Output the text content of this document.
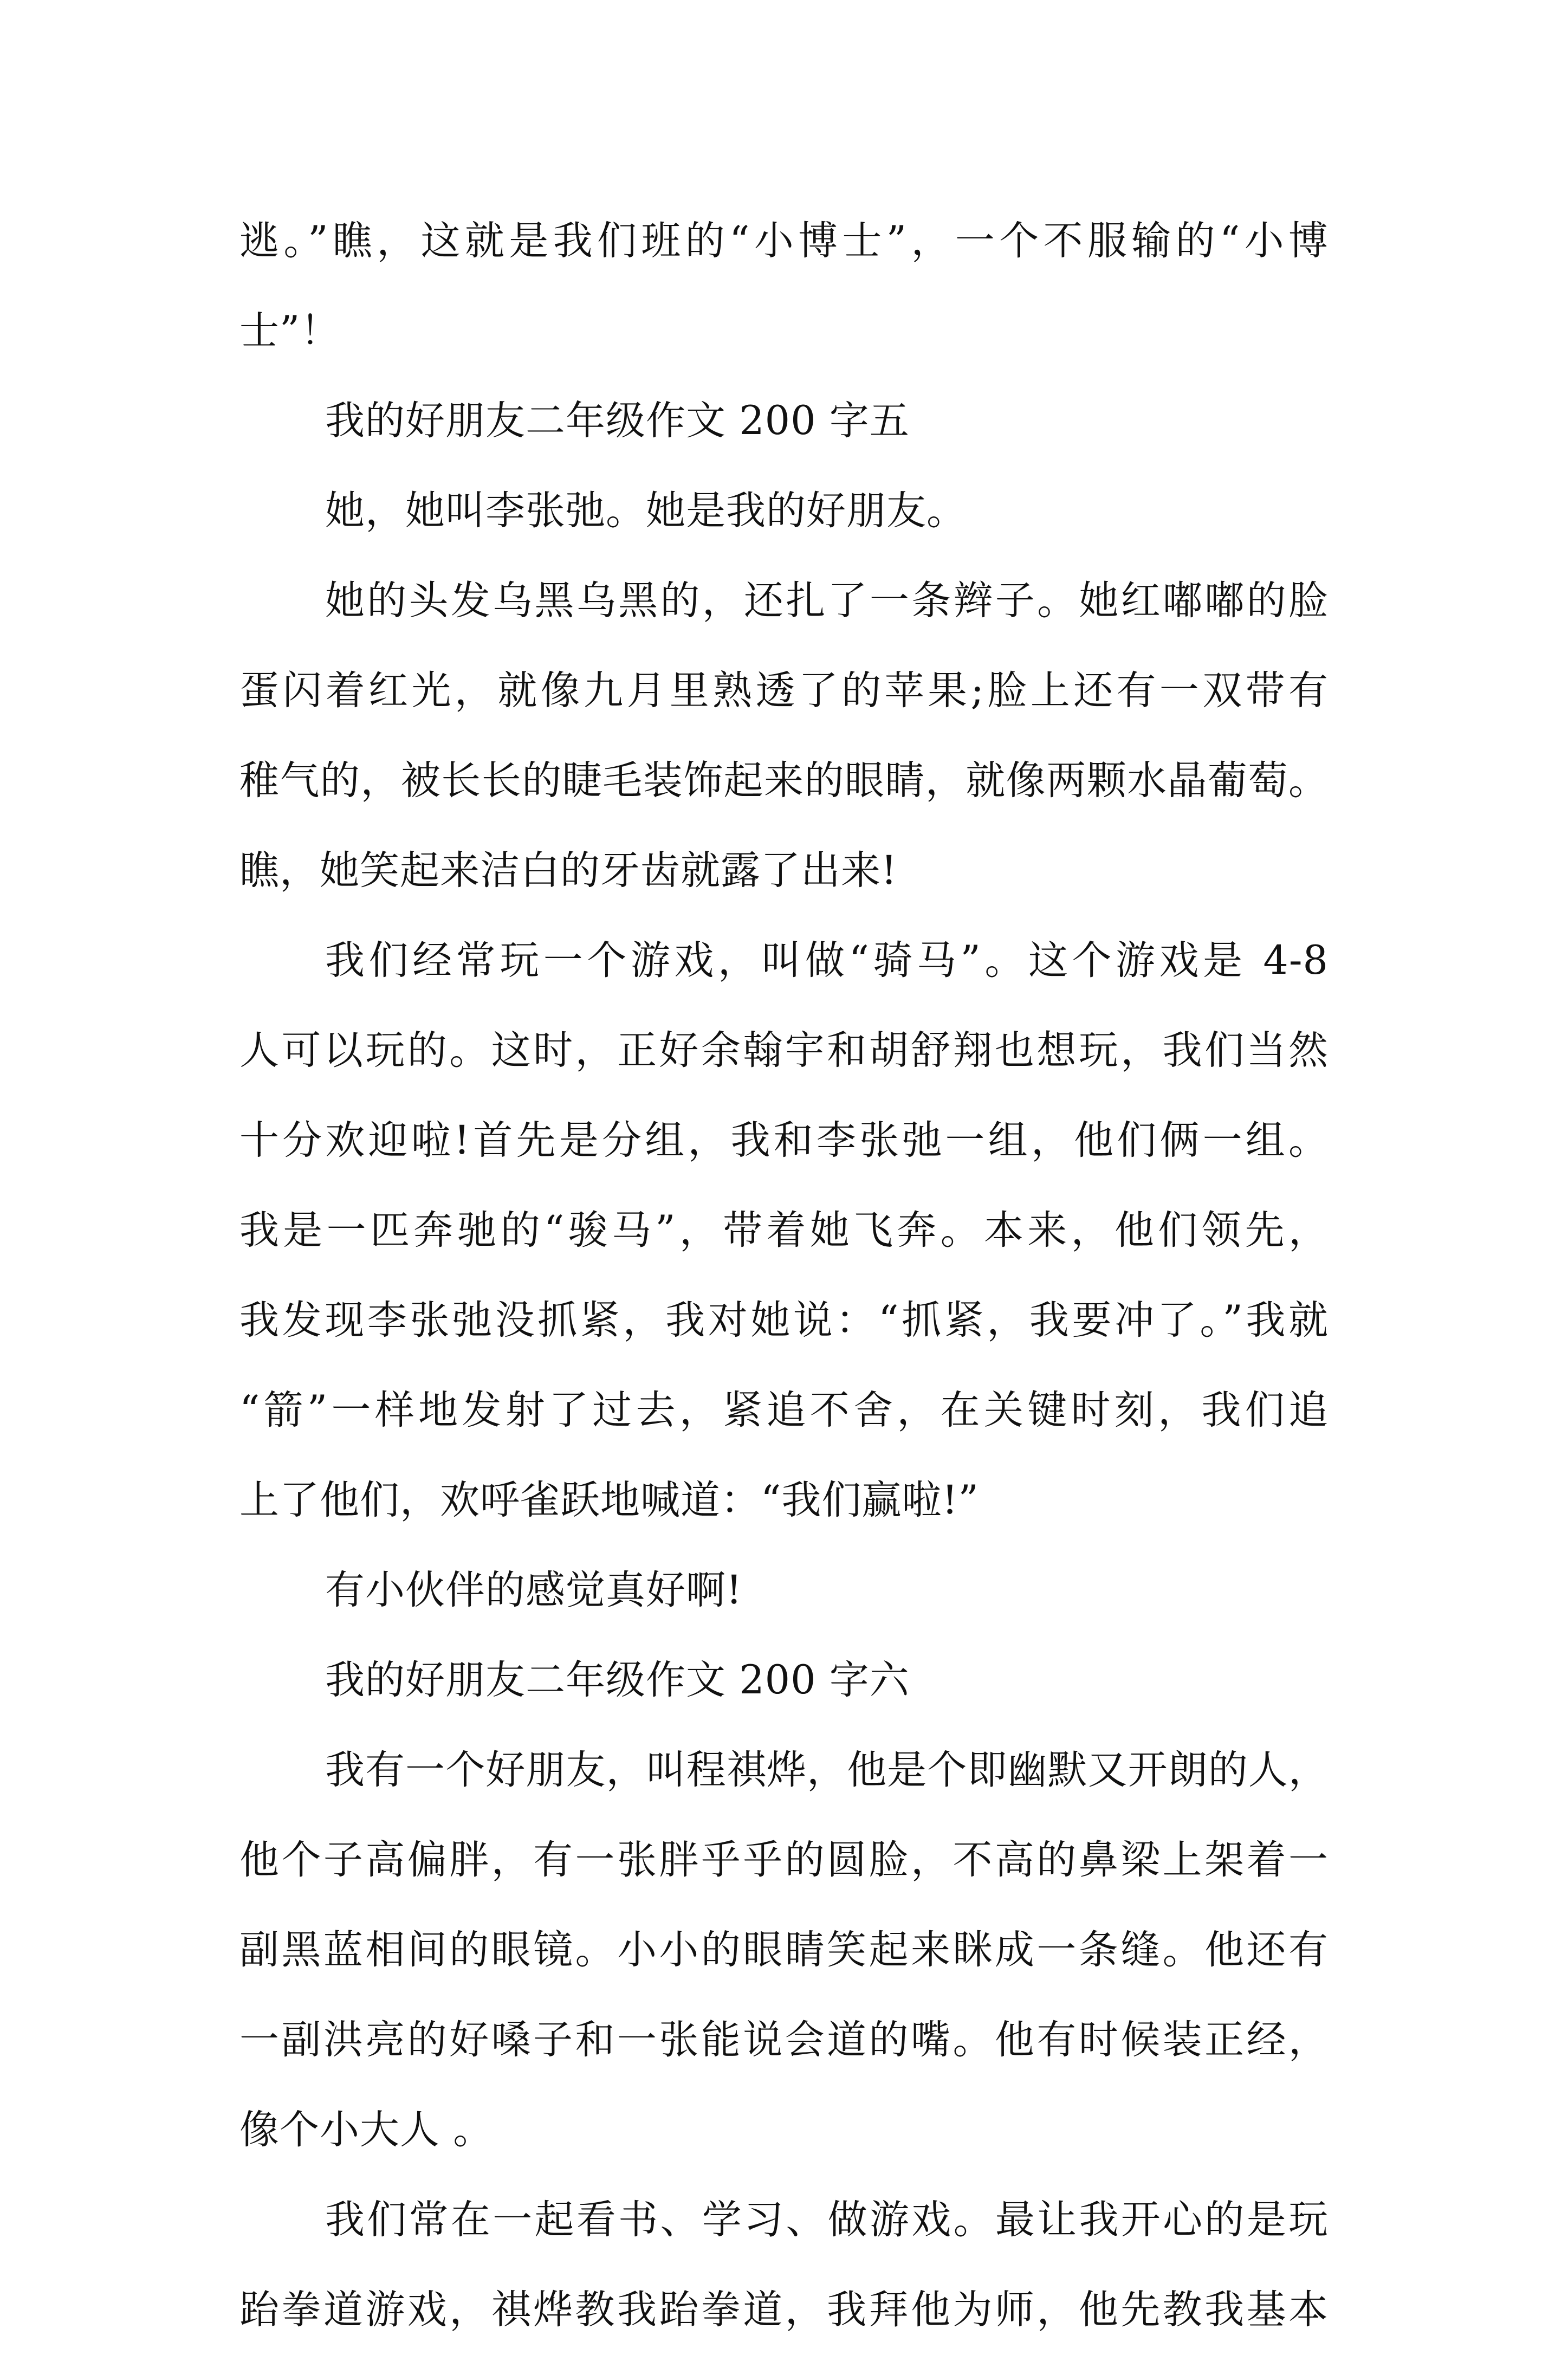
逃。”瞧，这就是我们班的“小博士”，一个不服输的“小博
士”！
我的好朋友二年级作文 200 字五
她，她叫李张弛。她是我的好朋友。
她的头发乌黑乌黑的，还扎了一条辫子。她红嘟嘟的脸
蛋闪着红光，就像九月里熟透了的苹果;脸上还有一双带有
稚气的，被长长的睫毛装饰起来的眼睛，就像两颗水晶葡萄。
瞧，她笑起来洁白的牙齿就露了出来!
我们经常玩一个游戏，叫做“骑马”。这个游戏是 4-8
人可以玩的。这时，正好余翰宇和胡舒翔也想玩，我们当然
十分欢迎啦!首先是分组，我和李张弛一组，他们俩一组。
我是一匹奔驰的“骏马”，带着她飞奔。本来，他们领先，
我发现李张弛没抓紧，我对她说：“抓紧，我要冲了。”我就
“箭”一样地发射了过去，紧追不舍，在关键时刻，我们追
上了他们，欢呼雀跃地喊道：“我们赢啦!”
有小伙伴的感觉真好啊!
我的好朋友二年级作文 200 字六
我有一个好朋友，叫程祺烨，他是个即幽默又开朗的人，
他个子高偏胖，有一张胖乎乎的圆脸，不高的鼻梁上架着一
副黑蓝相间的眼镜。小小的眼睛笑起来眯成一条缝。他还有
一副洪亮的好嗓子和一张能说会道的嘴。他有时候装正经，
像个小大人 。
我们常在一起看书、学习、做游戏。最让我开心的是玩
跆拳道游戏，祺烨教我跆拳道，我拜他为师，他先教我基本
